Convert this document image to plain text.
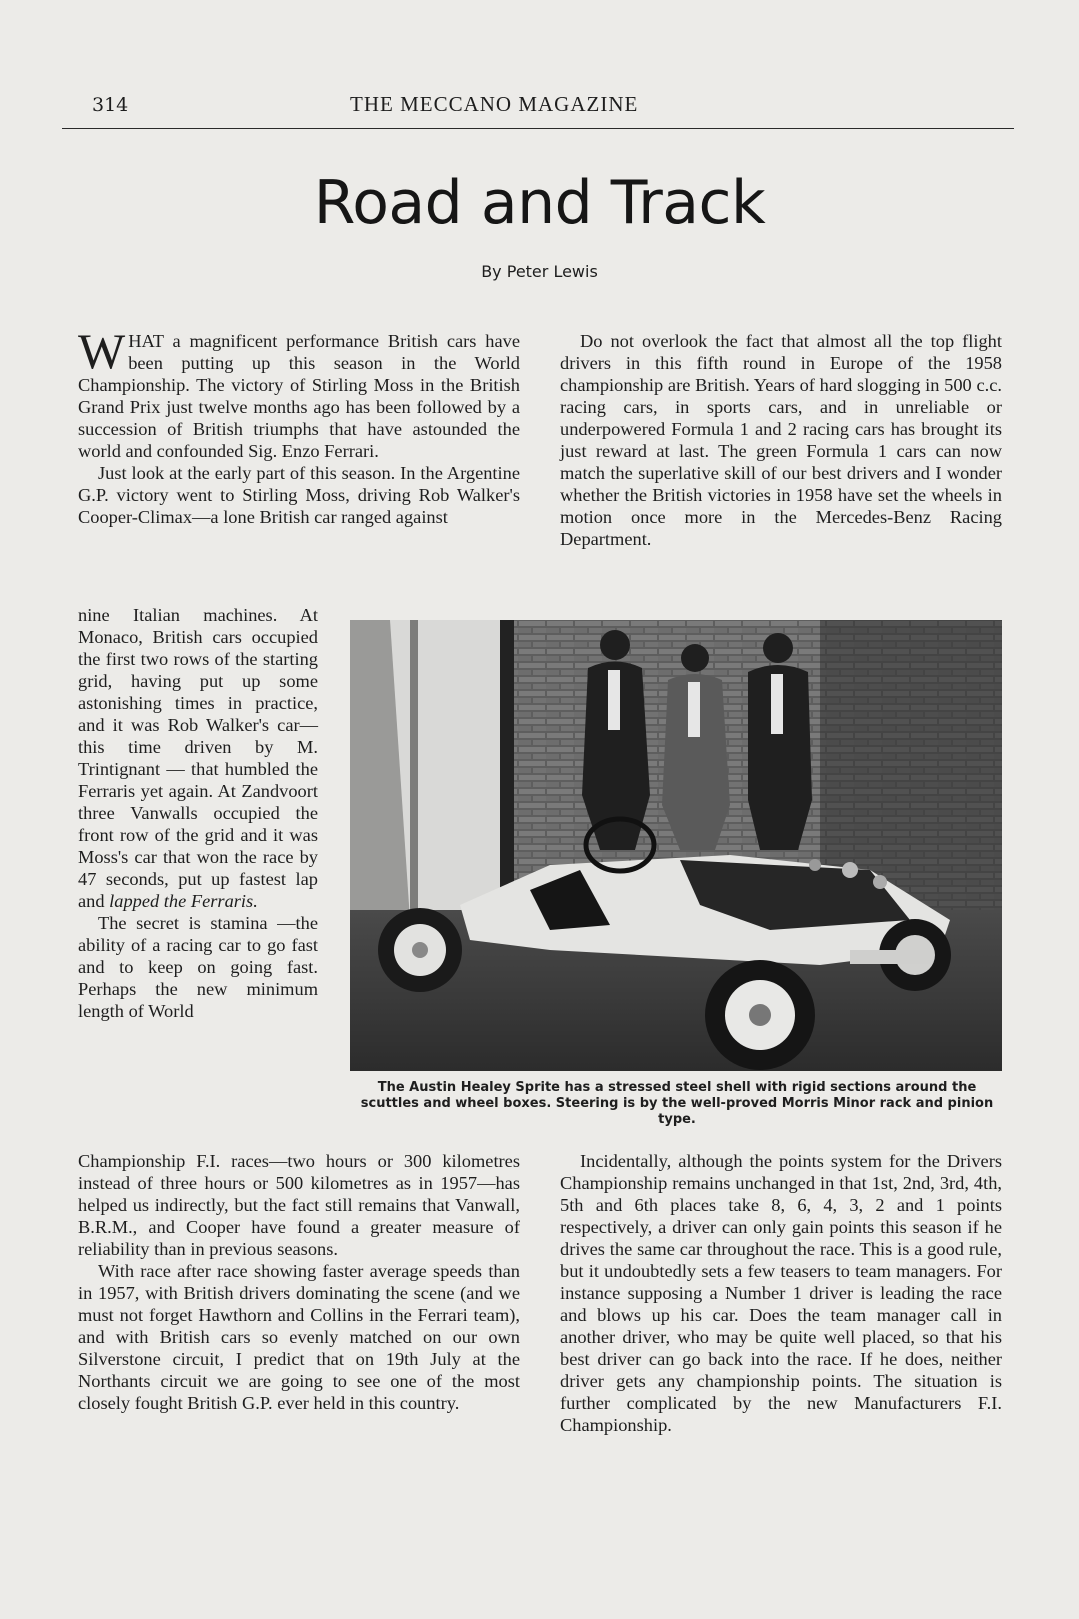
314	THE MECCANO MAGAZINE
Road and Track
By Peter Lewis

WHAT a magnificent performance British cars have been putting up this season in the World Championship. The victory of Stirling Moss in the British Grand Prix just twelve months ago has been followed by a succession of British triumphs that have astounded the world and confounded Sig. Enzo Ferrari.

Just look at the early part of this season. In the Argentine G.P. victory went to Stirling Moss, driving Rob Walker's Cooper-Climax—a lone British car ranged against

nine Italian machines. At Monaco, British cars occupied the first two rows of the starting grid, having put up some astonishing times in practice, and it was Rob Walker's car—this time driven by M. Trintignant — that humbled the Ferraris yet again. At Zandvoort three Vanwalls occupied the front row of the grid and it was Moss's car that won the race by 47 seconds, put up fastest lap and lapped the Ferraris.

The secret is stamina —the ability of a racing car to go fast and to keep on going fast. Perhaps the new minimum length of World

Championship F.I. races—two hours or 300 kilometres instead of three hours or 500 kilometres as in 1957—has helped us indirectly, but the fact still remains that Vanwall, B.R.M., and Cooper have found a greater measure of reliability than in previous seasons.

With race after race showing faster average speeds than in 1957, with British drivers dominating the scene (and we must not forget Hawthorn and Collins in the Ferrari team), and with British cars so evenly matched on our own Silverstone circuit, I predict that on 19th July at the Northants circuit we are going to see one of the most closely fought British G.P. ever held in this country.

Do not overlook the fact that almost all the top flight drivers in this fifth round in Europe of the 1958 championship are British. Years of hard slogging in 500 c.c. racing cars, in sports cars, and in unreliable or underpowered Formula 1 and 2 racing cars has brought its just reward at last. The green Formula 1 cars can now match the superlative skill of our best drivers and I wonder whether the British victories in 1958 have set the wheels in motion once more in the Mercedes-Benz Racing Department.

Incidentally, although the points system for the Drivers Championship remains unchanged in that 1st, 2nd, 3rd, 4th, 5th and 6th places take 8, 6, 4, 3, 2 and 1 points respectively, a driver can only gain points this season if he drives the same car throughout the race. This is a good rule, but it undoubtedly sets a few teasers to team managers. For instance supposing a Number 1 driver is leading the race and blows up his car. Does the team manager call in another driver, who may be quite well placed, so that his best driver can go back into the race. If he does, neither driver gets any championship points. The situation is further complicated by the new Manufacturers F.I. Championship.

The Austin Healey Sprite has a stressed steel shell with rigid sections around the scuttles and wheel boxes. Steering is by the well-proved Morris Minor rack and pinion type.
